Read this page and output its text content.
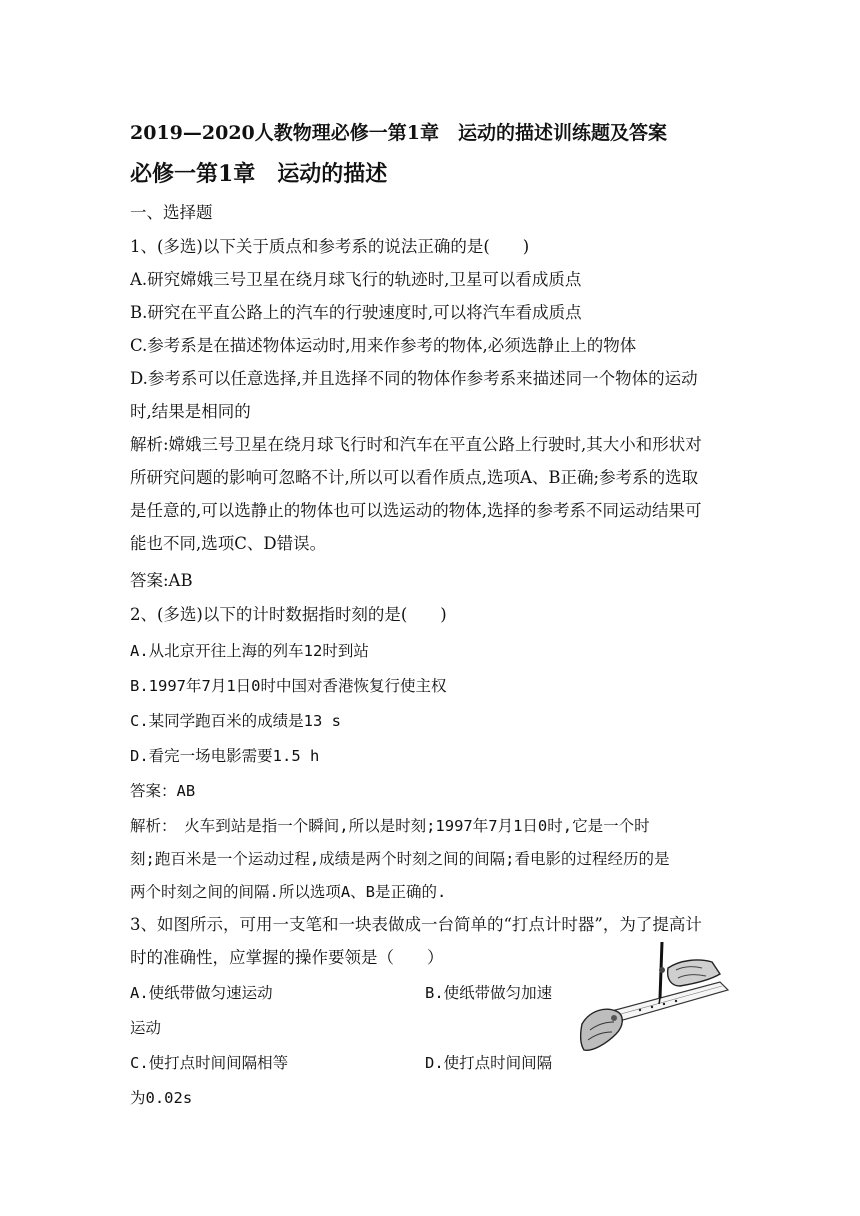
2019—2020人教物理必修一第1章　运动的描述训练题及答案
必修一第1章　运动的描述
一、选择题
1、(多选)以下关于质点和参考系的说法正确的是(　　)
A.研究嫦娥三号卫星在绕月球飞行的轨迹时,卫星可以看成质点
B.研究在平直公路上的汽车的行驶速度时,可以将汽车看成质点
C.参考系是在描述物体运动时,用来作参考的物体,必须选静止上的物体
D.参考系可以任意选择,并且选择不同的物体作参考系来描述同一个物体的运动
时,结果是相同的
解析:嫦娥三号卫星在绕月球飞行时和汽车在平直公路上行驶时,其大小和形状对
所研究问题的影响可忽略不计,所以可以看作质点,选项A、B正确;参考系的选取
是任意的,可以选静止的物体也可以选运动的物体,选择的参考系不同运动结果可
能也不同,选项C、D错误。
答案:AB
2、(多选)以下的计时数据指时刻的是(　　)
A.从北京开往上海的列车12时到站
B.1997年7月1日0时中国对香港恢复行使主权
C.某同学跑百米的成绩是13 s
D.看完一场电影需要1.5 h
答案：AB
解析：　火车到站是指一个瞬间,所以是时刻;1997年7月1日0时,它是一个时
刻;跑百米是一个运动过程,成绩是两个时刻之间的间隔;看电影的过程经历的是
两个时刻之间的间隔.所以选项A、B是正确的.
3、如图所示，可用一支笔和一块表做成一台简单的“打点计时器”，为了提高计
时的准确性，应掌握的操作要领是（　　）
A.使纸带做匀速运动	B.使纸带做匀加速
运动
C.使打点时间间隔相等	D.使打点时间间隔
为0.02s
